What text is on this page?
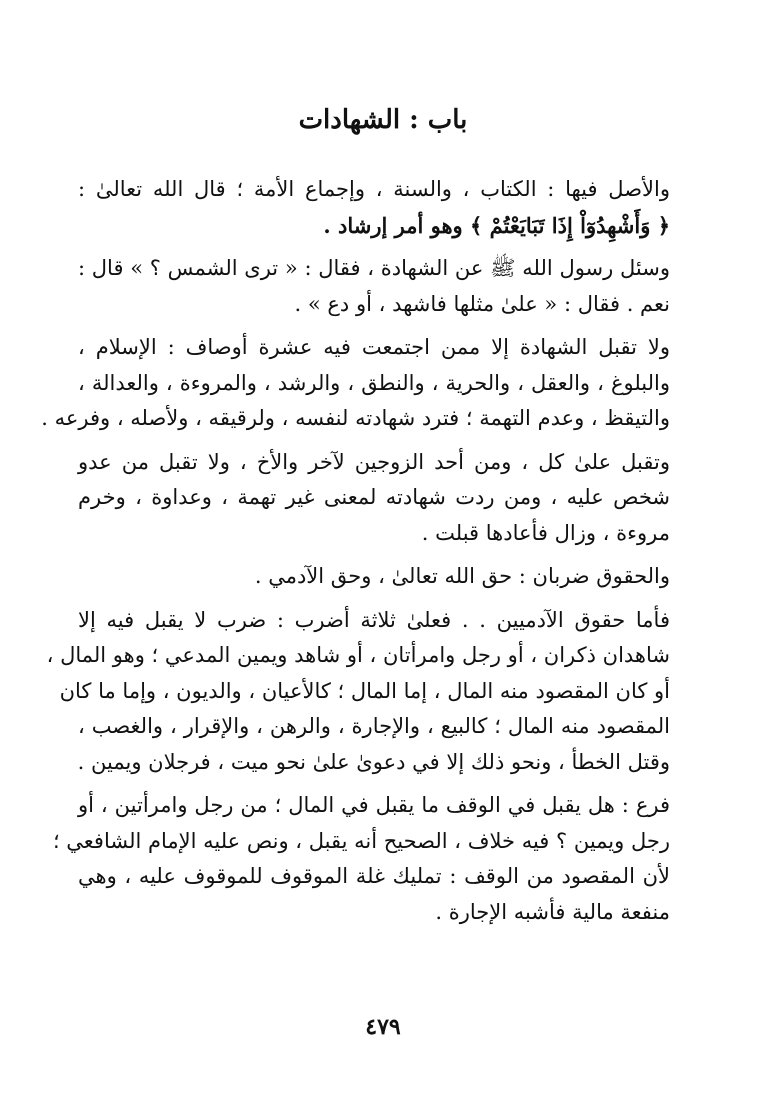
باب : الشهادات

والأصل فيها : الكتاب ، والسنة ، وإجماع الأمة ؛ قال الله تعالىٰ :
﴿ وَأَشْهِدُوٓاْ إِذَا تَبَايَعْتُمْ ﴾ وهو أمر إرشاد .

وسئل رسول الله ﷺ عن الشهادة ، فقال : « ترى الشمس ؟ » قال :
نعم . فقال : « علىٰ مثلها فاشهد ، أو دع » .

ولا تقبل الشهادة إلا ممن اجتمعت فيه عشرة أوصاف : الإسلام ،
والبلوغ ، والعقل ، والحرية ، والنطق ، والرشد ، والمروءة ، والعدالة ،
والتيقظ ، وعدم التهمة ؛ فترد شهادته لنفسه ، ولرقيقه ، ولأصله ، وفرعه .

وتقبل علىٰ كل ، ومن أحد الزوجين لآخر والأخ ، ولا تقبل من عدو
شخص عليه ، ومن ردت شهادته لمعنى غير تهمة ، وعداوة ، وخرم
مروءة ، وزال فأعادها قبلت .

والحقوق ضربان : حق الله تعالىٰ ، وحق الآدمي .

فأما حقوق الآدميين . . فعلىٰ ثلاثة أضرب : ضرب لا يقبل فيه إلا
شاهدان ذكران ، أو رجل وامرأتان ، أو شاهد ويمين المدعي ؛ وهو المال ،
أو كان المقصود منه المال ، إما المال ؛ كالأعيان ، والديون ، وإما ما كان
المقصود منه المال ؛ كالبيع ، والإجارة ، والرهن ، والإقرار ، والغصب ،
وقتل الخطأ ، ونحو ذلك إلا في دعوىٰ علىٰ نحو ميت ، فرجلان ويمين .

فرع : هل يقبل في الوقف ما يقبل في المال ؛ من رجل وامرأتين ، أو
رجل ويمين ؟ فيه خلاف ، الصحيح أنه يقبل ، ونص عليه الإمام الشافعي ؛
لأن المقصود من الوقف : تمليك غلة الموقوف للموقوف عليه ، وهي
منفعة مالية فأشبه الإجارة .

٤٧٩
